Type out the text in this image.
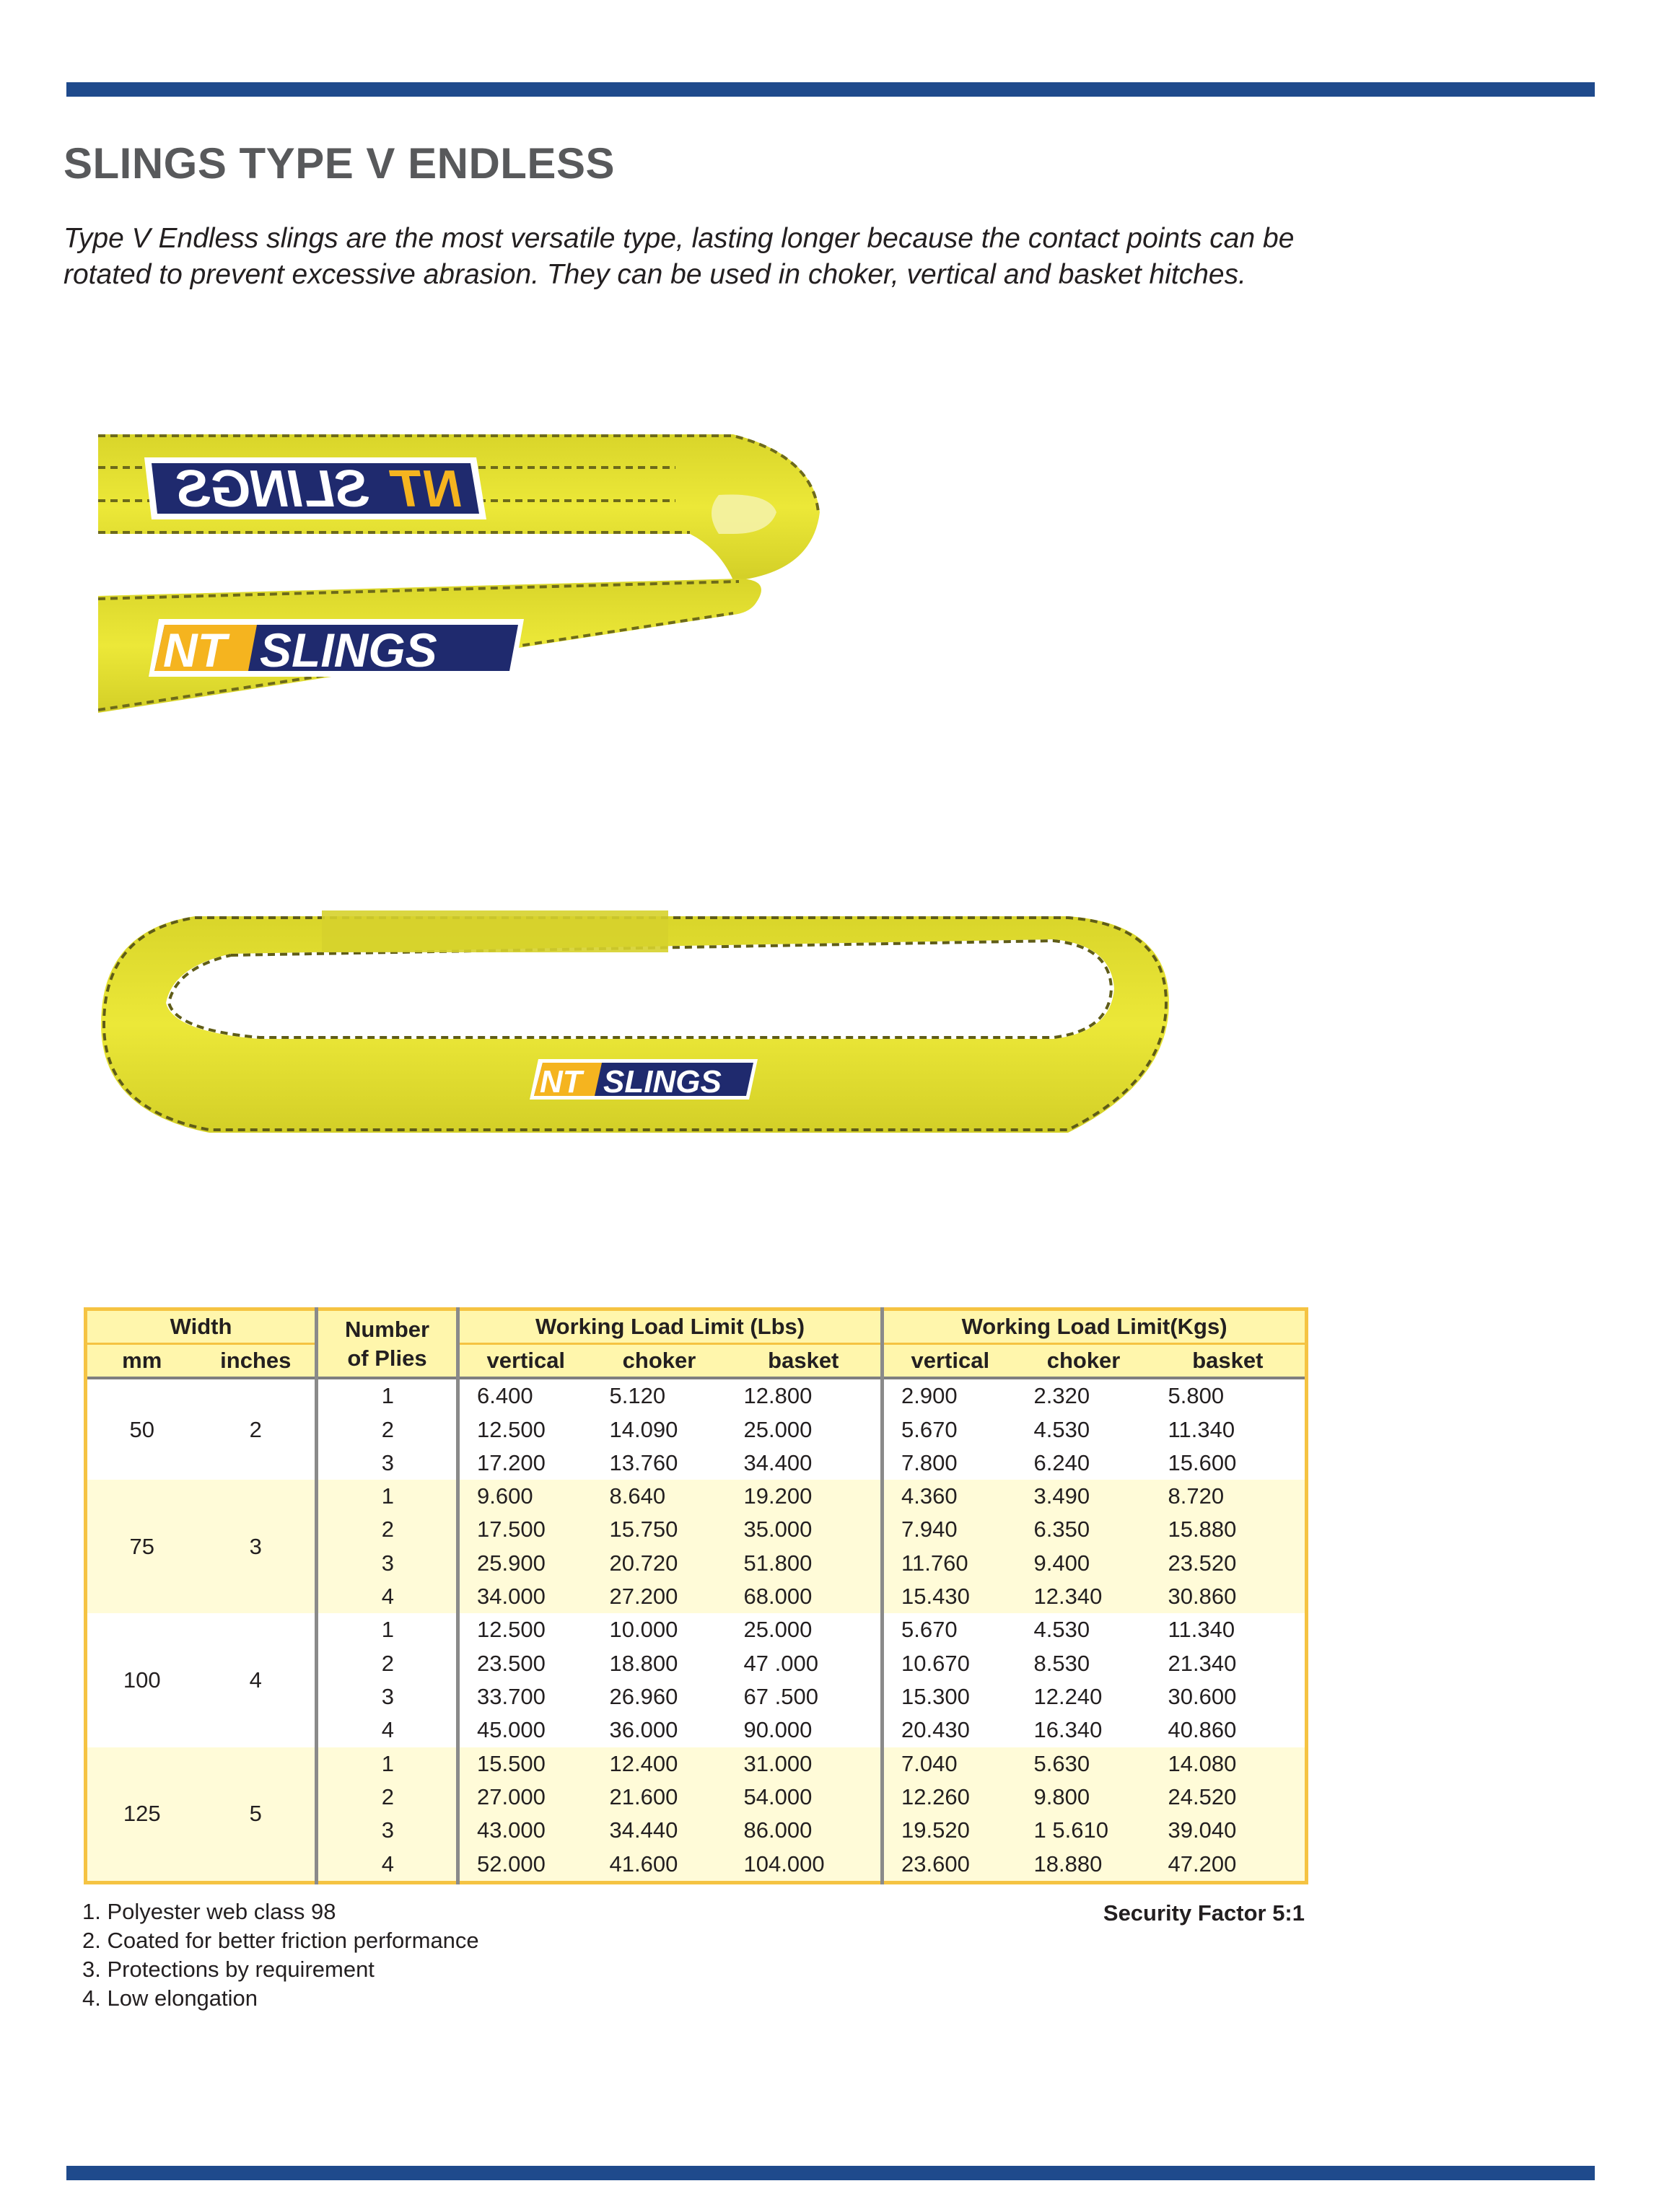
SLINGS TYPE V ENDLESS

Type V Endless slings are the most versatile type, lasting longer because the contact points can be
rotated to prevent excessive abrasion. They can be used in choker, vertical and basket hitches.

NT
SLINGS
NT SLINGS
NT SLINGS
Width		Number
of Plies	Working Load Limit (Lbs)			Working Load Limit(Kgs)		
mm	inches		vertical	choker	basket	vertical	choker	basket
50	2	1	6.400	5.120	12.800	2.900	2.320	5.800
		2	12.500	14.090	25.000	5.670	4.530	11.340
		3	17.200	13.760	34.400	7.800	6.240	15.600
75	3	1	9.600	8.640	19.200	4.360	3.490	8.720
		2	17.500	15.750	35.000	7.940	6.350	15.880
		3	25.900	20.720	51.800	11.760	9.400	23.520
		4	34.000	27.200	68.000	15.430	12.340	30.860
100	4	1	12.500	10.000	25.000	5.670	4.530	11.340
		2	23.500	18.800	47 .000	10.670	8.530	21.340
		3	33.700	26.960	67 .500	15.300	12.240	30.600
		4	45.000	36.000	90.000	20.430	16.340	40.860
125	5	1	15.500	12.400	31.000	7.040	5.630	14.080
		2	27.000	21.600	54.000	12.260	9.800	24.520
		3	43.000	34.440	86.000	19.520	1 5.610	39.040
		4	52.000	41.600	104.000	23.600	18.880	47.200
1. Polyester web class 98
2. Coated for better friction performance
3. Protections by requirement
4. Low elongation
Security Factor 5:1
